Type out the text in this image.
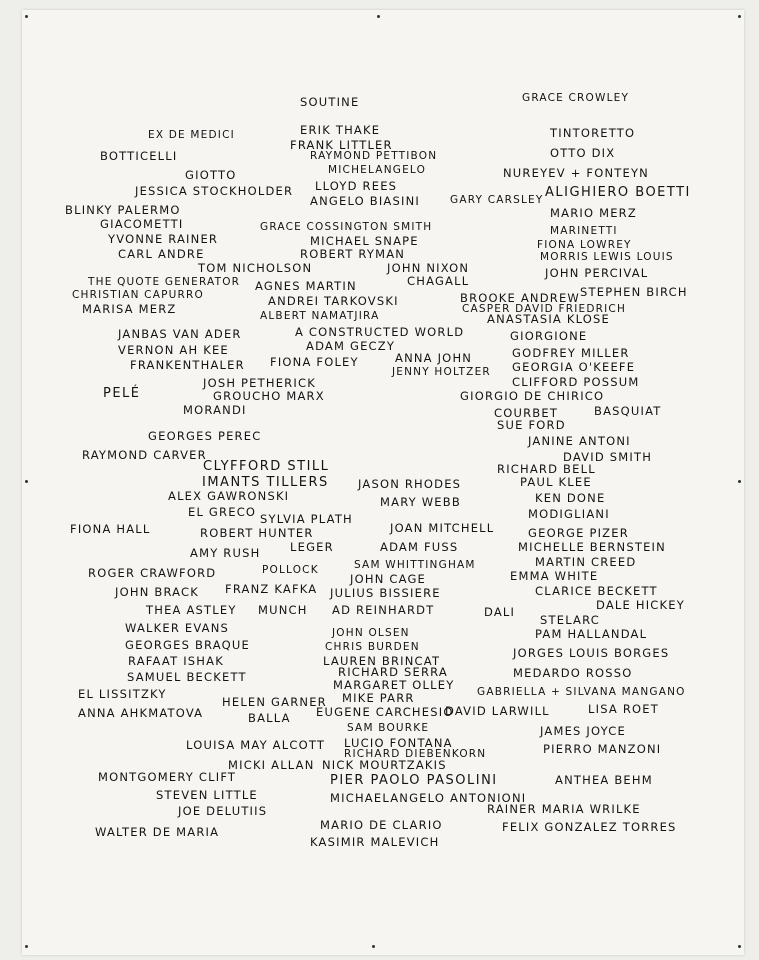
SOUTINE	GRACE CROWLEY
EX DE MEDICI	ERIK THAKE	TINTORETTO
FRANK LITTLER
BOTTICELLI	RAYMOND PETTIBON	OTTO DIX
MICHELANGELO
GIOTTO	NUREYEV + FONTEYN
LLOYD REES
JESSICA STOCKHOLDER	ALIGHIERO BOETTI
ANGELO BIASINI	GARY CARSLEY
BLINKY PALERMO	MARIO MERZ
GIACOMETTI	GRACE COSSINGTON SMITH	MARINETTI
YVONNE RAINER	MICHAEL SNAPE	FIONA LOWREY
CARL ANDRE	ROBERT RYMAN	MORRIS LEWIS LOUIS
TOM NICHOLSON	JOHN NIXON	JOHN PERCIVAL
THE QUOTE GENERATOR AGNES MARTIN	CHAGALL
CHRISTIAN CAPURRO	STEPHEN BIRCH
BROOKE ANDREW
ANDREI TARKOVSKI
CASPER DAVID FRIEDRICH
MARISA MERZ	ALBERT NAMATJIRA	ANASTASIA KLOSE
JANBAS VAN ADER	A CONSTRUCTED WORLD	GIORGIONE
ADAM GECZY
VERNON AH KEE
ANNA JOHN	GODFREY MILLER
FIONA FOLEY
FRANKENTHALER	JENNY HOLTZER GEORGIA O'KEEFE
JOSH PETHERICK	CLIFFORD POSSUM
PELÉ	GROUCHO MARX	GIORGIO DE CHIRICO
MORANDI	COURBET	BASQUIAT
SUE FORD
GEORGES PEREC	JANINE ANTONI
RAYMOND CARVER	DAVID SMITH
CLYFFORD STILL	RICHARD BELL
IMANTS TILLERS	JASON RHODES	PAUL KLEE
ALEX GAWRONSKI	KEN DONE
MARY WEBB
EL GRECO	MODIGLIANI
SYLVIA PLATH
FIONA HALL	ROBERT HUNTER	JOAN MITCHELL	GEORGE PIZER
AMY RUSH	LEGER	ADAM FUSS	MICHELLE BERNSTEIN
POLLOCK
MARTIN CREED
SAM WHITTINGHAM
ROGER CRAWFORD	JOHN CAGE	EMMA WHITE
JOHN BRACK FRANZ KAFKA JULIUS BISSIERE	CLARICE BECKETT
DALE HICKEY
THEA ASTLEY MUNCH AD REINHARDT	DALI
STELARC
WALKER EVANS	JOHN OLSEN	PAM HALLANDAL
GEORGES BRAQUE	CHRIS BURDEN	JORGES LOUIS BORGES
RAFAAT ISHAK	LAUREN BRINCAT
SAMUEL BECKETT	RICHARD SERRA	MEDARDO ROSSO
MARGARET OLLEY
EL LISSITZKY	GABRIELLA + SILVANA MANGANO
HELEN GARNER MIKE PARR
ANNA AHKMATOVA	BALLA EUGENE CARCHESIO
DAVID LARWILL	LISA ROET
SAM BOURKE	JAMES JOYCE
LOUISA MAY ALCOTT LUCIO FONTANA	PIERRO MANZONI
RICHARD DIEBENKORN
MICKI ALLAN NICK MOURTZAKIS
MONTGOMERY CLIFT	PIER PAOLO PASOLINI	ANTHEA BEHM
STEVEN LITTLE	MICHAELANGELO ANTONIONI
JOE DELUTIIS	RAINER MARIA WRILKE
MARIO DE CLARIO	FELIX GONZALEZ TORRES
WALTER DE MARIA
KASIMIR MALEVICH
